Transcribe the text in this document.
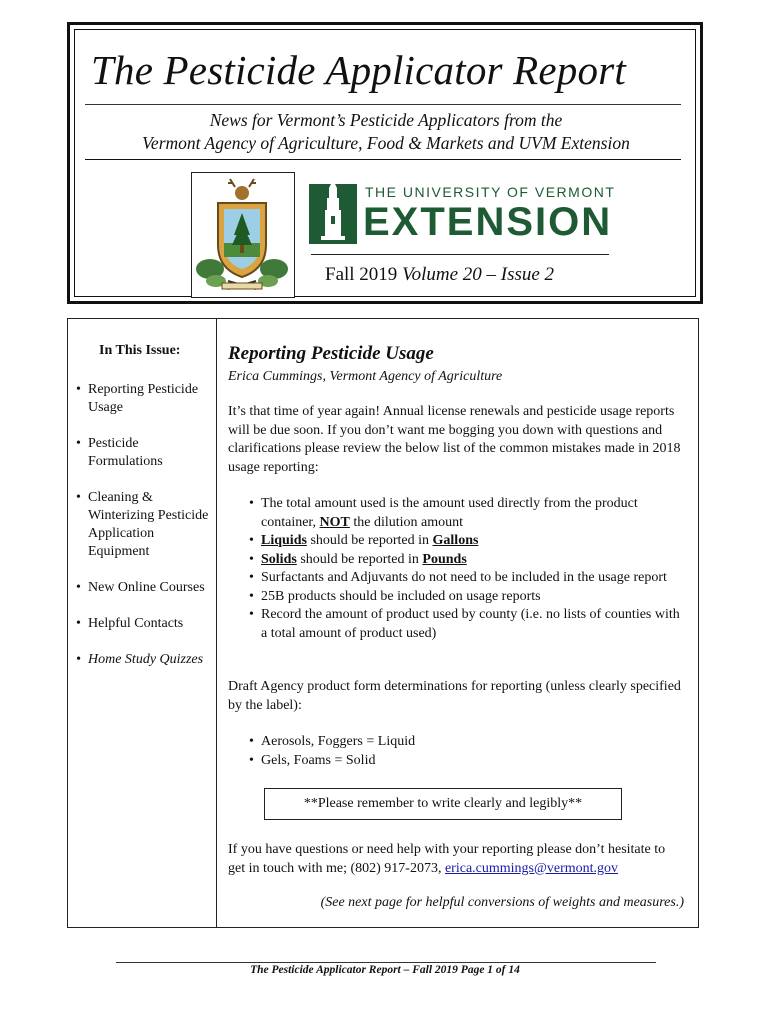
The Pesticide Applicator Report
News for Vermont’s Pesticide Applicators from the
Vermont Agency of Agriculture, Food & Markets and UVM Extension
THE UNIVERSITY OF VERMONT
EXTENSION
Fall 2019 Volume 20 – Issue 2
In This Issue:
• Reporting Pesticide Usage
• Pesticide Formulations
• Cleaning & Winterizing Pesticide Application Equipment
• New Online Courses
• Helpful Contacts
• Home Study Quizzes
Reporting Pesticide Usage
Erica Cummings, Vermont Agency of Agriculture

It’s that time of year again! Annual license renewals and pesticide usage reports will be due soon. If you don’t want me bogging you down with questions and clarifications please review the below list of the common mistakes made in 2018 usage reporting:

• The total amount used is the amount used directly from the product container, NOT the dilution amount
• Liquids should be reported in Gallons
• Solids should be reported in Pounds
• Surfactants and Adjuvants do not need to be included in the usage report
• 25B products should be included on usage reports
• Record the amount of product used by county (i.e. no lists of counties with a total amount of product used)

Draft Agency product form determinations for reporting (unless clearly specified by the label):

• Aerosols, Foggers = Liquid
• Gels, Foams = Solid
**Please remember to write clearly and legibly**

If you have questions or need help with your reporting please don’t hesitate to get in touch with me; (802) 917-2073, erica.cummings@vermont.gov

(See next page for helpful conversions of weights and measures.)
The Pesticide Applicator Report – Fall 2019 Page 1 of 14
